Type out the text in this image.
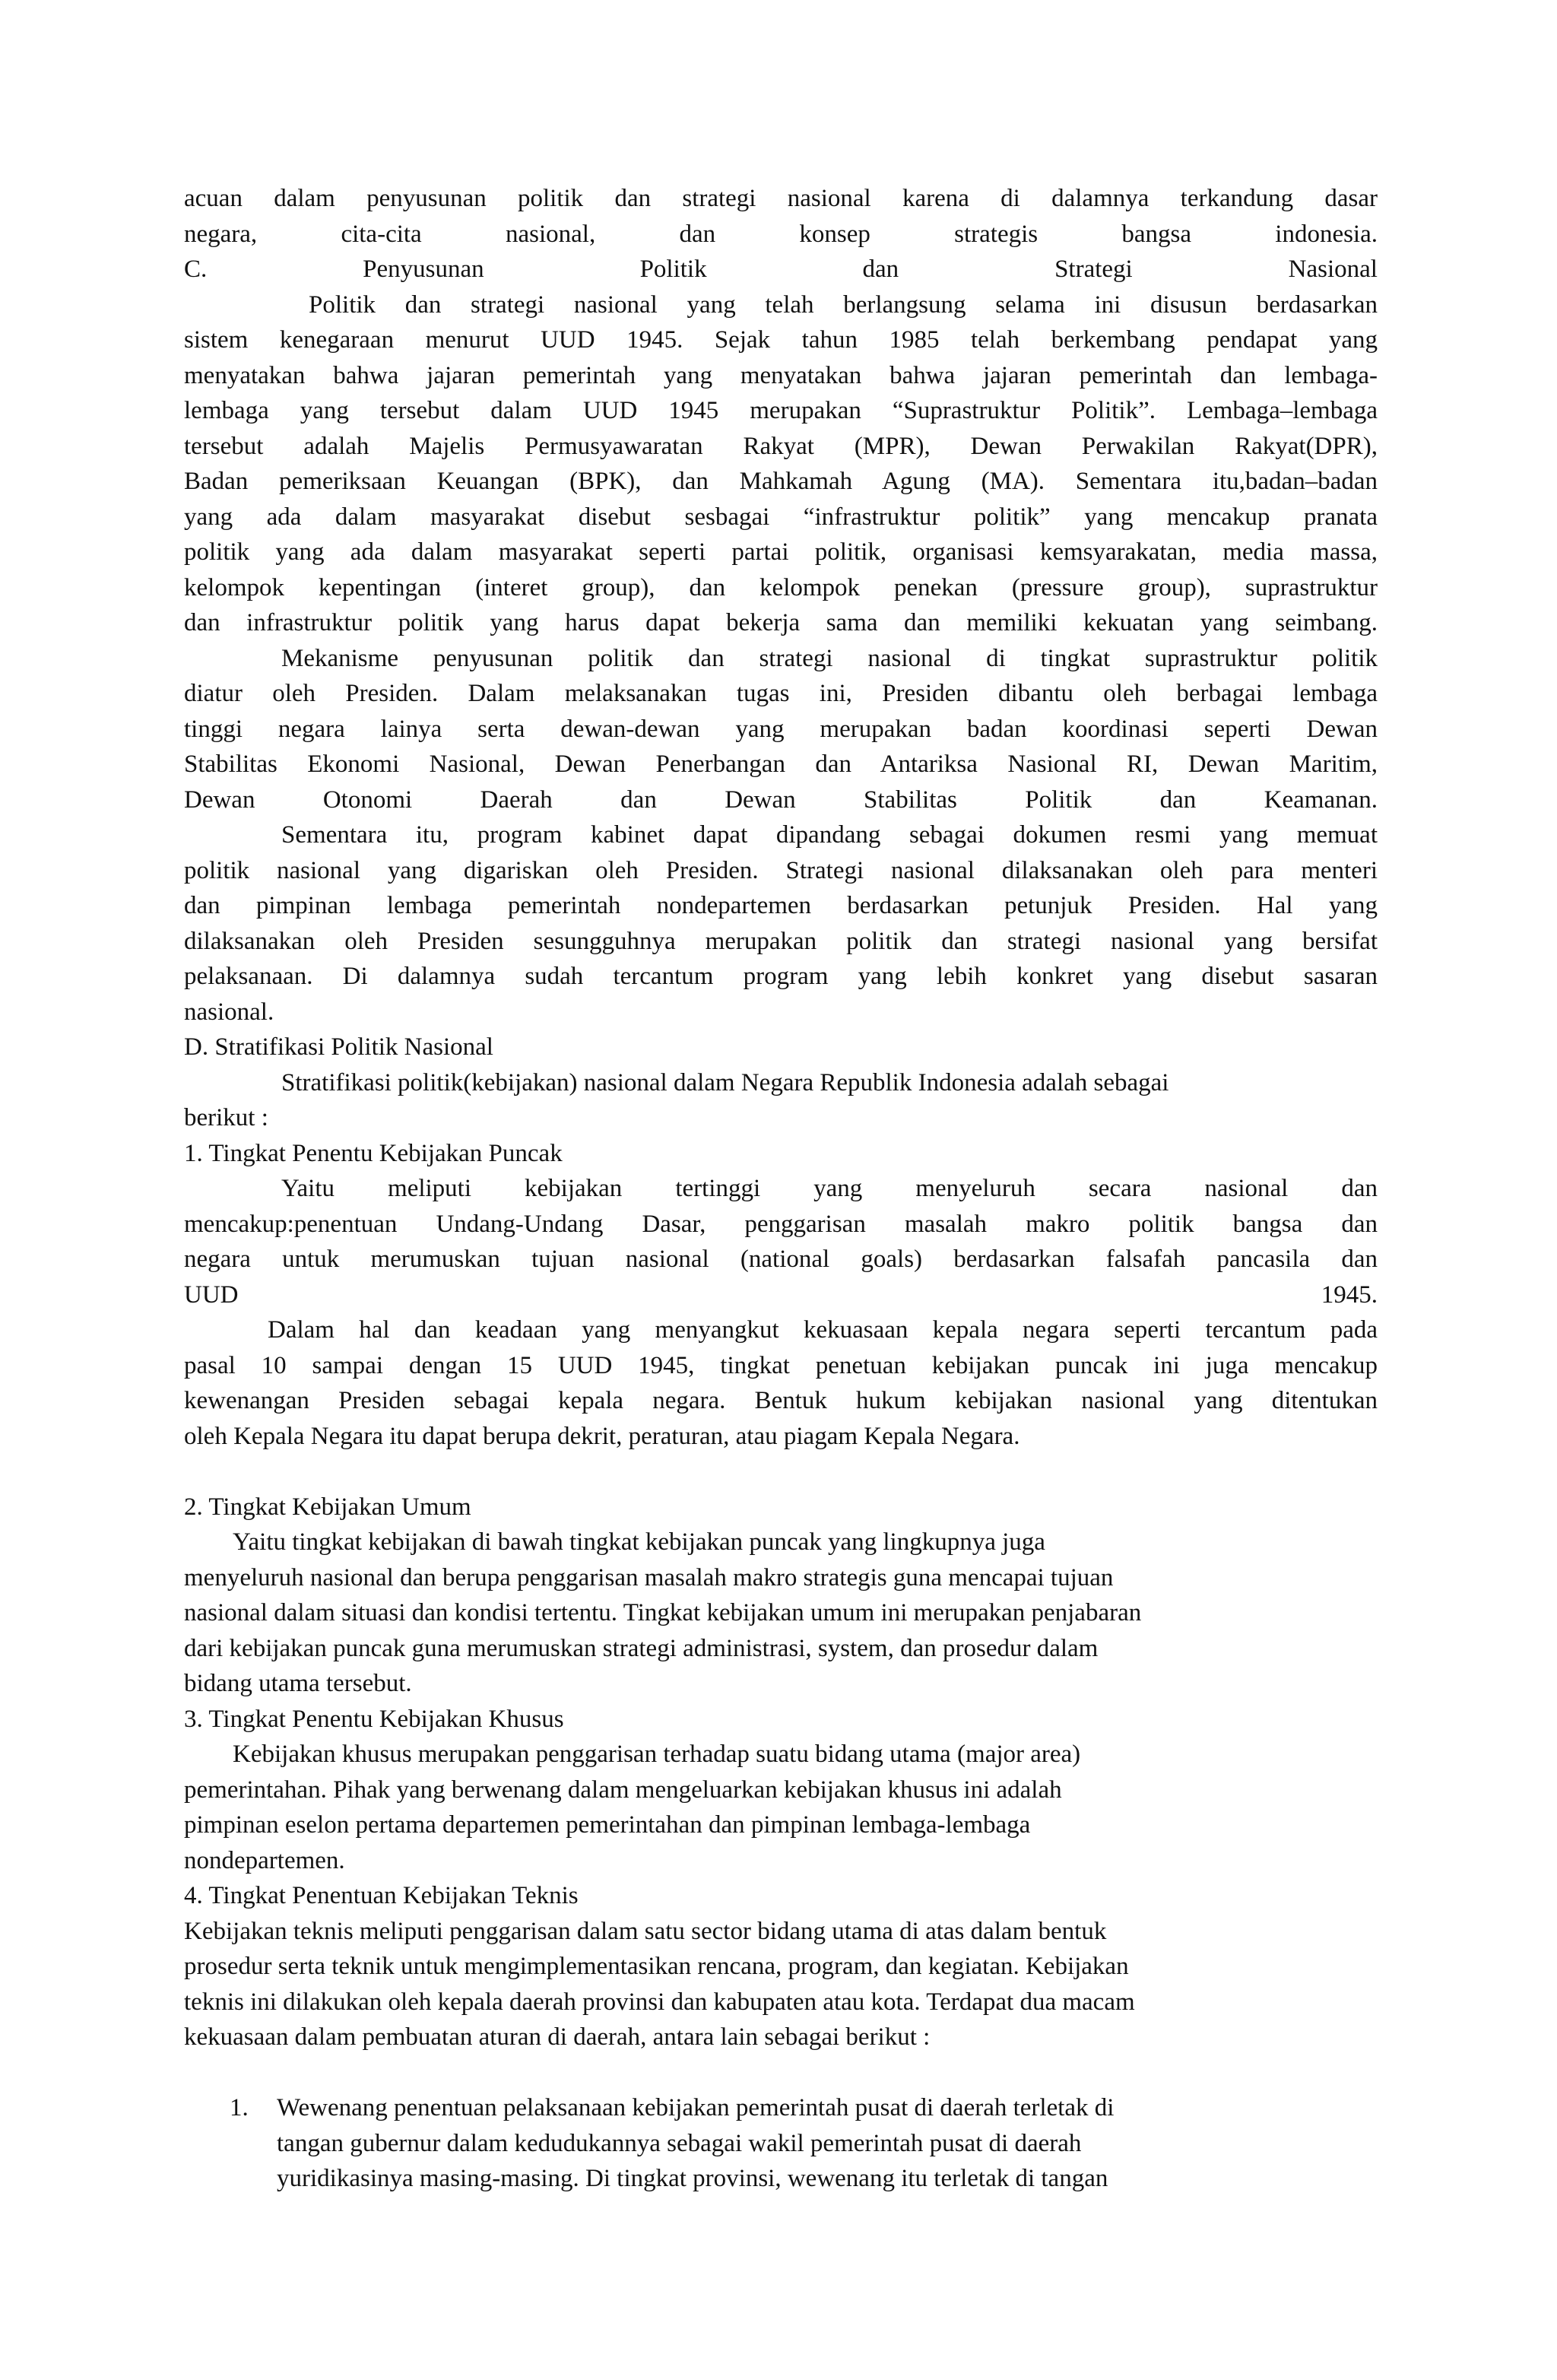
acuan dalam penyusunan politik dan strategi nasional karena di dalamnya terkandung dasar
negara, cita-cita nasional, dan konsep strategis bangsa indonesia.
C.	Penyusunan	Politik	dan	Strategi	Nasional
Politik dan strategi nasional yang telah berlangsung selama ini disusun berdasarkan
sistem kenegaraan menurut UUD 1945. Sejak tahun 1985 telah berkembang pendapat yang
menyatakan bahwa jajaran pemerintah yang menyatakan bahwa jajaran pemerintah dan lembaga-
lembaga yang tersebut dalam UUD 1945 merupakan “Suprastruktur Politik”. Lembaga–lembaga
tersebut adalah Majelis Permusyawaratan Rakyat (MPR), Dewan Perwakilan Rakyat(DPR),
Badan pemeriksaan Keuangan (BPK), dan Mahkamah Agung (MA). Sementara itu,badan–badan
yang ada dalam masyarakat disebut sesbagai “infrastruktur politik” yang mencakup pranata
politik yang ada dalam masyarakat seperti partai politik, organisasi kemsyarakatan, media massa,
kelompok kepentingan (interet group), dan kelompok penekan (pressure group), suprastruktur
dan infrastruktur politik yang harus dapat bekerja sama dan memiliki kekuatan yang seimbang.
Mekanisme penyusunan politik dan strategi nasional di tingkat suprastruktur politik
diatur oleh Presiden. Dalam melaksanakan tugas ini, Presiden dibantu oleh berbagai lembaga
tinggi negara lainya serta dewan-dewan yang merupakan badan koordinasi seperti Dewan
Stabilitas Ekonomi Nasional, Dewan Penerbangan dan Antariksa Nasional RI, Dewan Maritim,
Dewan Otonomi Daerah dan Dewan Stabilitas Politik dan Keamanan.
Sementara itu, program kabinet dapat dipandang sebagai dokumen resmi yang memuat
politik nasional yang digariskan oleh Presiden. Strategi nasional dilaksanakan oleh para menteri
dan pimpinan lembaga pemerintah nondepartemen berdasarkan petunjuk Presiden. Hal yang
dilaksanakan oleh Presiden sesungguhnya merupakan politik dan strategi nasional yang bersifat
pelaksanaan. Di dalamnya sudah tercantum program yang lebih konkret yang disebut sasaran
nasional.
D. Stratifikasi Politik Nasional
Stratifikasi politik(kebijakan) nasional dalam Negara Republik Indonesia adalah sebagai
berikut :
1. Tingkat Penentu Kebijakan Puncak
Yaitu meliputi kebijakan tertinggi yang menyeluruh secara nasional dan
mencakup:penentuan Undang-Undang Dasar, penggarisan masalah makro politik bangsa dan
negara untuk merumuskan tujuan nasional (national goals) berdasarkan falsafah pancasila dan
UUD	1945.
Dalam hal dan keadaan yang menyangkut kekuasaan kepala negara seperti tercantum pada
pasal 10 sampai dengan 15 UUD 1945, tingkat penetuan kebijakan puncak ini juga mencakup
kewenangan Presiden sebagai kepala negara. Bentuk hukum kebijakan nasional yang ditentukan
oleh Kepala Negara itu dapat berupa dekrit, peraturan, atau piagam Kepala Negara.
2. Tingkat Kebijakan Umum
Yaitu tingkat kebijakan di bawah tingkat kebijakan puncak yang lingkupnya juga
menyeluruh nasional dan berupa penggarisan masalah makro strategis guna mencapai tujuan
nasional dalam situasi dan kondisi tertentu. Tingkat kebijakan umum ini merupakan penjabaran
dari kebijakan puncak guna merumuskan strategi administrasi, system, dan prosedur dalam
bidang utama tersebut.
3. Tingkat Penentu Kebijakan Khusus
Kebijakan khusus merupakan penggarisan terhadap suatu bidang utama (major area)
pemerintahan. Pihak yang berwenang dalam mengeluarkan kebijakan khusus ini adalah
pimpinan eselon pertama departemen pemerintahan dan pimpinan lembaga-lembaga
nondepartemen.
4. Tingkat Penentuan Kebijakan Teknis
Kebijakan teknis meliputi penggarisan dalam satu sector bidang utama di atas dalam bentuk
prosedur serta teknik untuk mengimplementasikan rencana, program, dan kegiatan. Kebijakan
teknis ini dilakukan oleh kepala daerah provinsi dan kabupaten atau kota. Terdapat dua macam
kekuasaan dalam pembuatan aturan di daerah, antara lain sebagai berikut :
1. Wewenang penentuan pelaksanaan kebijakan pemerintah pusat di daerah terletak di
tangan gubernur dalam kedudukannya sebagai wakil pemerintah pusat di daerah
yuridikasinya masing-masing. Di tingkat provinsi, wewenang itu terletak di tangan
